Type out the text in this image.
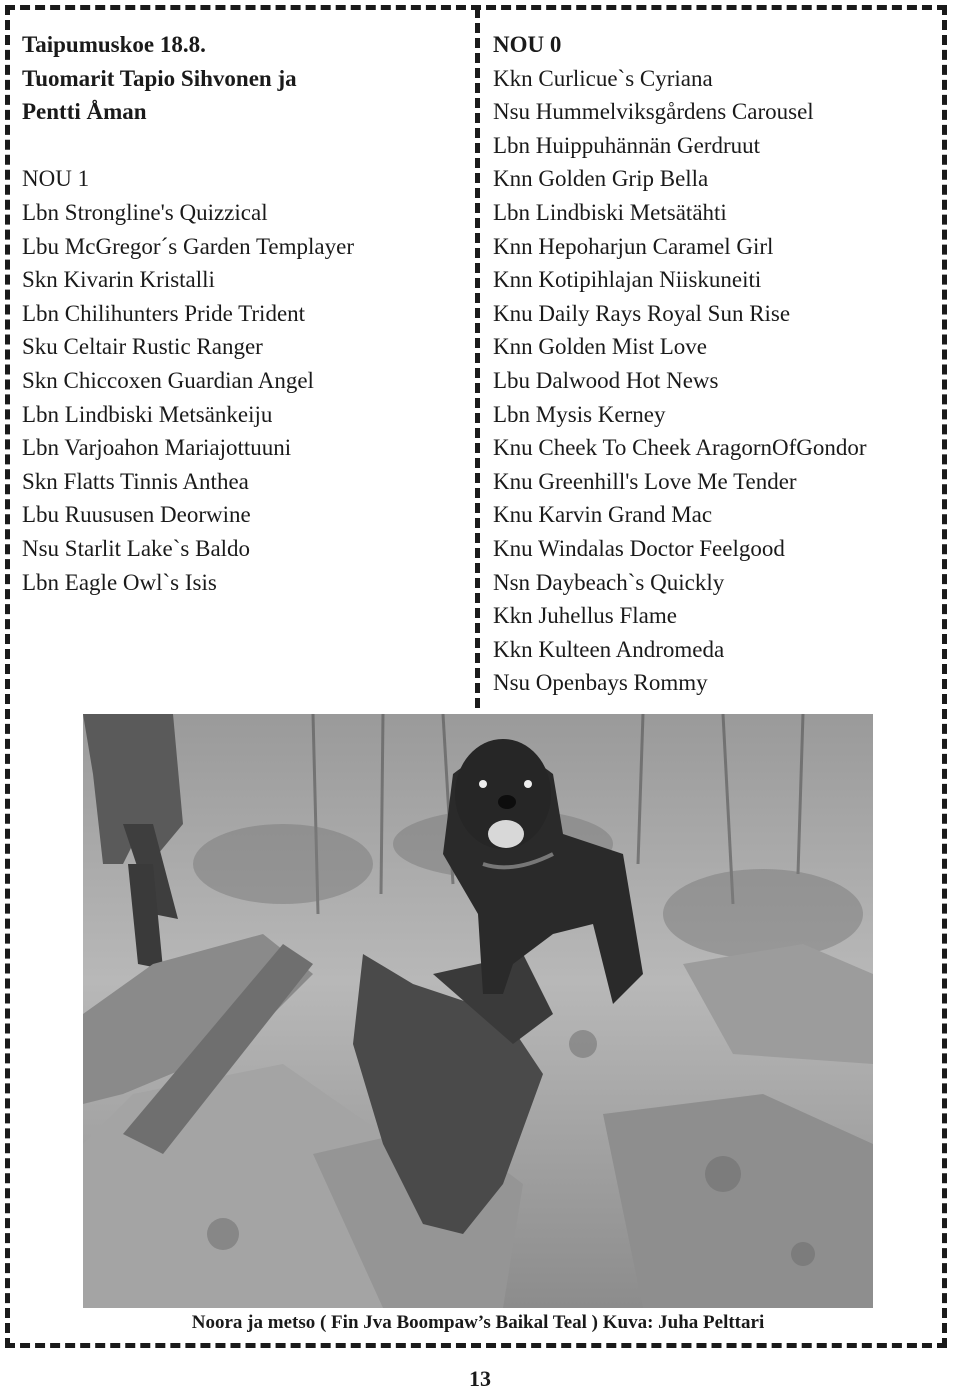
Taipumuskoe 18.8.
Tuomarit Tapio Sihvonen ja
Pentti Åman
NOU 1
Lbn Strongline's Quizzical
Lbu McGregor´s Garden Templayer
Skn Kivarin Kristalli
Lbn Chilihunters Pride Trident
Sku Celtair Rustic Ranger
Skn Chiccoxen Guardian Angel
Lbn Lindbiski Metsänkeiju
Lbn Varjoahon Mariajottuuni
Skn Flatts Tinnis Anthea
Lbu Ruususen Deorwine
Nsu Starlit Lake`s Baldo
Lbn Eagle Owl`s Isis
NOU 0
Kkn Curlicue`s Cyriana
Nsu Hummelviksgårdens Carousel
Lbn Huippuhännän Gerdruut
Knn Golden Grip Bella
Lbn Lindbiski Metsätähti
Knn Hepoharjun Caramel Girl
Knn Kotipihlajan Niiskuneiti
Knu Daily Rays Royal Sun Rise
Knn Golden Mist Love
Lbu Dalwood Hot News
Lbn Mysis Kerney
Knu Cheek To Cheek AragornOfGondor
Knu Greenhill's Love Me Tender
Knu Karvin Grand Mac
Knu Windalas Doctor Feelgood
Nsn Daybeach`s Quickly
Kkn Juhellus Flame
Kkn Kulteen Andromeda
Nsu Openbays Rommy
Noora ja metso ( Fin Jva Boompaw’s Baikal Teal ) Kuva: Juha Pelttari
13
